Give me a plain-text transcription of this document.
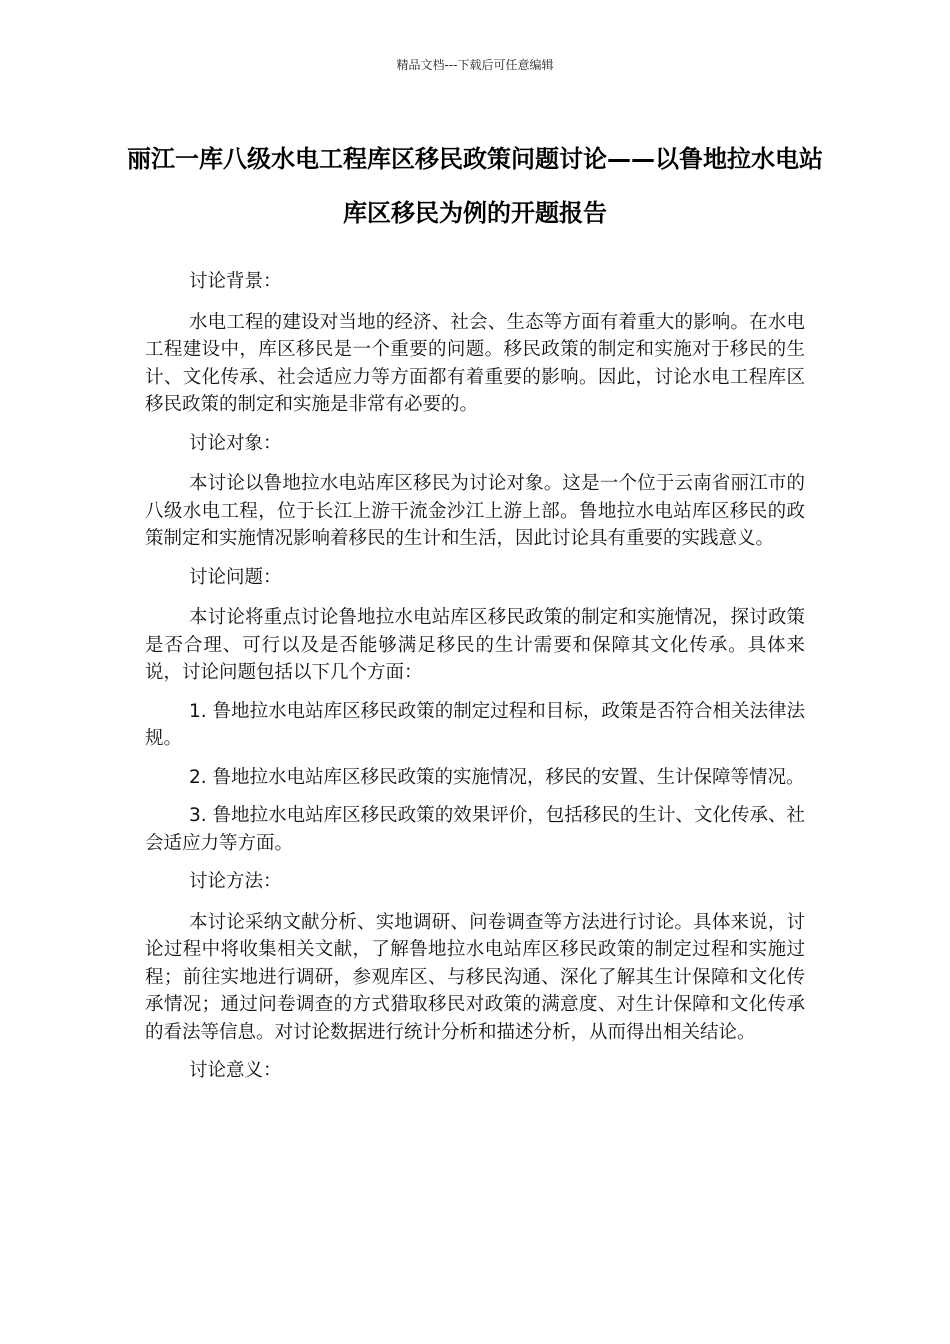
精品文档---下载后可任意编辑
丽江一库八级水电工程库区移民政策问题讨论——以鲁地拉水电站库区移民为例的开题报告

讨论背景：

水电工程的建设对当地的经济、社会、生态等方面有着重大的影响。在水电工程建设中，库区移民是一个重要的问题。移民政策的制定和实施对于移民的生计、文化传承、社会适应力等方面都有着重要的影响。因此，讨论水电工程库区移民政策的制定和实施是非常有必要的。

讨论对象：

本讨论以鲁地拉水电站库区移民为讨论对象。这是一个位于云南省丽江市的八级水电工程，位于长江上游干流金沙江上游上部。鲁地拉水电站库区移民的政策制定和实施情况影响着移民的生计和生活，因此讨论具有重要的实践意义。

讨论问题：

本讨论将重点讨论鲁地拉水电站库区移民政策的制定和实施情况，探讨政策是否合理、可行以及是否能够满足移民的生计需要和保障其文化传承。具体来说，讨论问题包括以下几个方面：

1. 鲁地拉水电站库区移民政策的制定过程和目标，政策是否符合相关法律法规。

2. 鲁地拉水电站库区移民政策的实施情况，移民的安置、生计保障等情况。

3. 鲁地拉水电站库区移民政策的效果评价，包括移民的生计、文化传承、社会适应力等方面。

讨论方法：

本讨论采纳文献分析、实地调研、问卷调查等方法进行讨论。具体来说，讨论过程中将收集相关文献，了解鲁地拉水电站库区移民政策的制定过程和实施过程；前往实地进行调研，参观库区、与移民沟通、深化了解其生计保障和文化传承情况；通过问卷调查的方式猎取移民对政策的满意度、对生计保障和文化传承的看法等信息。对讨论数据进行统计分析和描述分析，从而得出相关结论。

讨论意义：
